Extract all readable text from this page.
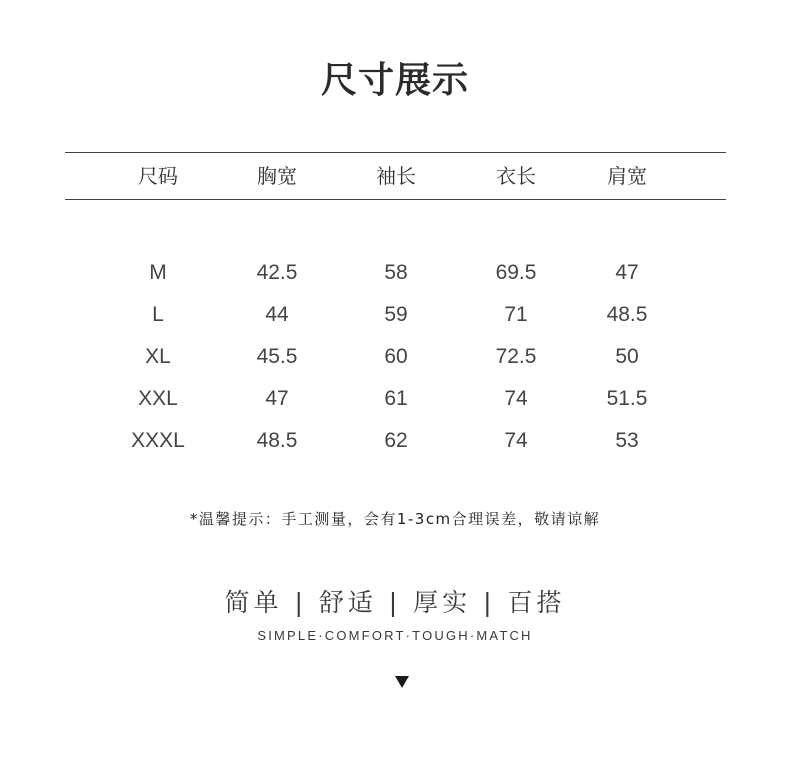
尺寸展示
尺码	胸宽	袖长	衣长	肩宽
M	42.5	58	69.5	47
L	44	59	71	48.5
XL	45.5	60	72.5	50
XXL	47	61	74	51.5
XXXL	48.5	62	74	53
*温馨提示：手工测量，会有1-3cm合理误差，敬请谅解
简单 | 舒适 | 厚实 | 百搭
SIMPLE·COMFORT·TOUGH·MATCH
